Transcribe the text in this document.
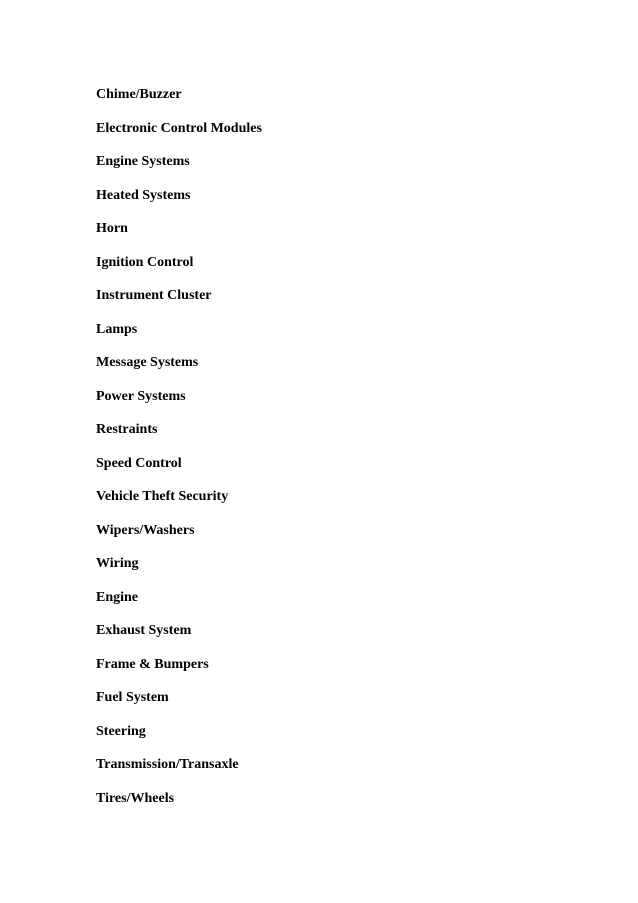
Chime/Buzzer
Electronic Control Modules
Engine Systems
Heated Systems
Horn
Ignition Control
Instrument Cluster
Lamps
Message Systems
Power Systems
Restraints
Speed Control
Vehicle Theft Security
Wipers/Washers
Wiring
Engine
Exhaust System
Frame & Bumpers
Fuel System
Steering
Transmission/Transaxle
Tires/Wheels
